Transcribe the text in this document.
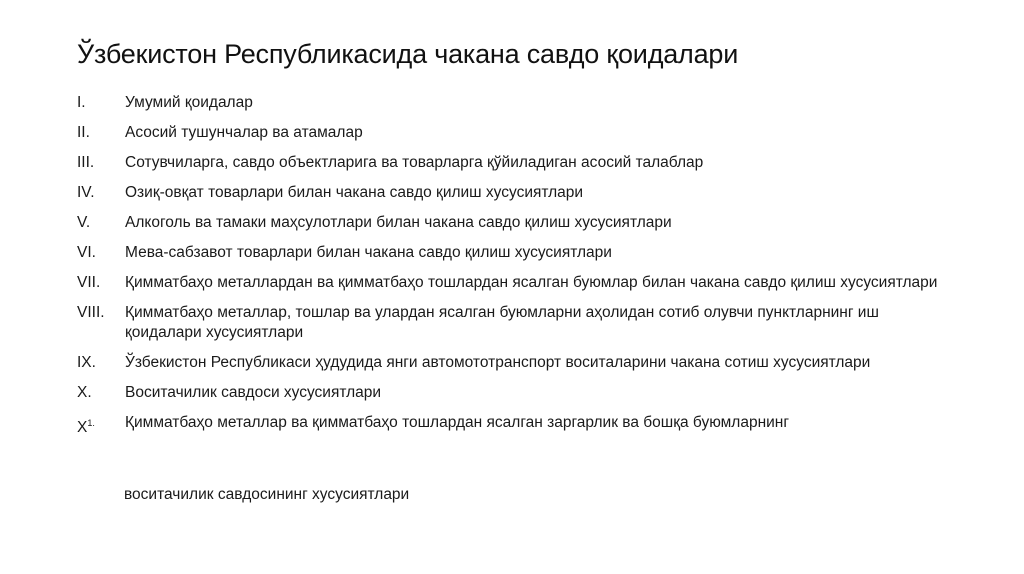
Ўзбекистон Республикасида чакана савдо қоидалари
I.	Умумий қоидалар
II.	Асосий тушунчалар ва атамалар
III.	Сотувчиларга, савдо объектларига ва товарларга қўйиладиган асосий талаблар
IV.	Озиқ-овқат товарлари билан чакана савдо қилиш хусусиятлари
V.	Алкоголь ва тамаки маҳсулотлари билан чакана савдо қилиш хусусиятлари
VI.	Мева-сабзавот товарлари билан чакана савдо қилиш хусусиятлари
VII.	Қимматбаҳо металлардан ва қимматбаҳо тошлардан ясалган буюмлар билан чакана савдо қилиш хусусиятлари
VIII.	Қимматбаҳо металлар, тошлар ва улардан ясалган буюмларни аҳолидан сотиб олувчи пунктларнинг иш қоидалари хусусиятлари
IX.	Ўзбекистон Республикаси ҳудудида янги автомототранспорт воситаларини чакана сотиш хусусиятлари
X.	Воситачилик савдоси хусусиятлари
$X^{1.}$	Қимматбаҳо металлар ва қимматбаҳо тошлардан ясалган заргарлик ва бошқа буюмларнинг
воситачилик савдосининг хусусиятлари
